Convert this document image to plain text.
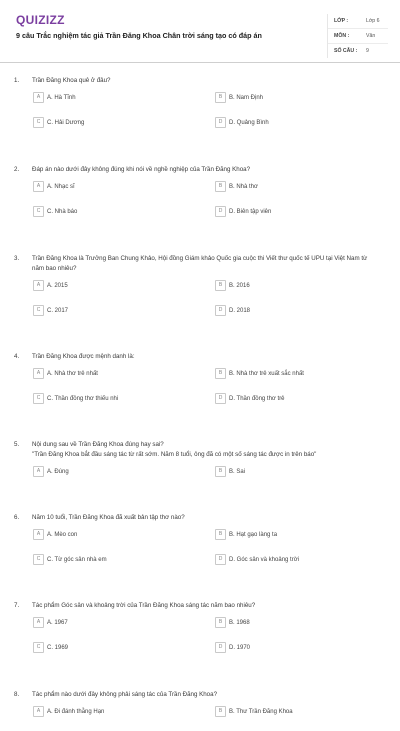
QUIZIZZ
9 câu Trắc nghiệm tác giả Trần Đăng Khoa Chân trời sáng tạo có đáp án
LỚP :	Lớp 6
MÔN :	Văn
SỐ CÂU : 9
1.	Trần Đăng Khoa quê ở đâu?
A	A. Hà Tĩnh	B	B. Nam Định
C	C. Hải Dương	D	D. Quảng Bình
2.	Đáp án nào dưới đây không đúng khi nói về nghề nghiệp của Trần Đăng Khoa?
A	A. Nhạc sĩ	B	B. Nhà thơ
C	C. Nhà báo	D	D. Biên tập viên
3.	Trần Đăng Khoa là Trưởng Ban Chung Khảo, Hội đồng Giám khảo Quốc gia cuộc thi Viết thư quốc tế UPU tại Việt Nam từ năm bao nhiêu?
A	A. 2015	B	B. 2016
C	C. 2017	D	D. 2018
4.	Trần Đăng Khoa được mệnh danh là:
A	A. Nhà thơ trẻ nhất	B	B. Nhà thơ trẻ xuất sắc nhất
C	C. Thần đồng thơ thiếu nhi	D	D. Thần đồng thơ trẻ
5.	Nội dung sau về Trần Đăng Khoa đúng hay sai?
"Trần Đăng Khoa bắt đầu sáng tác từ rất sớm. Năm 8 tuổi, ông đã có một số sáng tác được in trên báo"
A	A. Đúng	B	B. Sai
6.	Năm 10 tuổi, Trần Đăng Khoa đã xuất bản tập thơ nào?
A	A. Mèo con	B	B. Hạt gạo làng ta
C	C. Từ góc sân nhà em	D	D. Góc sân và khoảng trời
7.	Tác phẩm Góc sân và khoảng trời của Trần Đăng Khoa sáng tác năm bao nhiêu?
A	A. 1967	B	B. 1968
C	C. 1969	D	D. 1970
8.	Tác phẩm nào dưới đây không phải sáng tác của Trần Đăng Khoa?
A	A. Đi đánh thằng Hạn	B	B. Thư Trần Đăng Khoa
